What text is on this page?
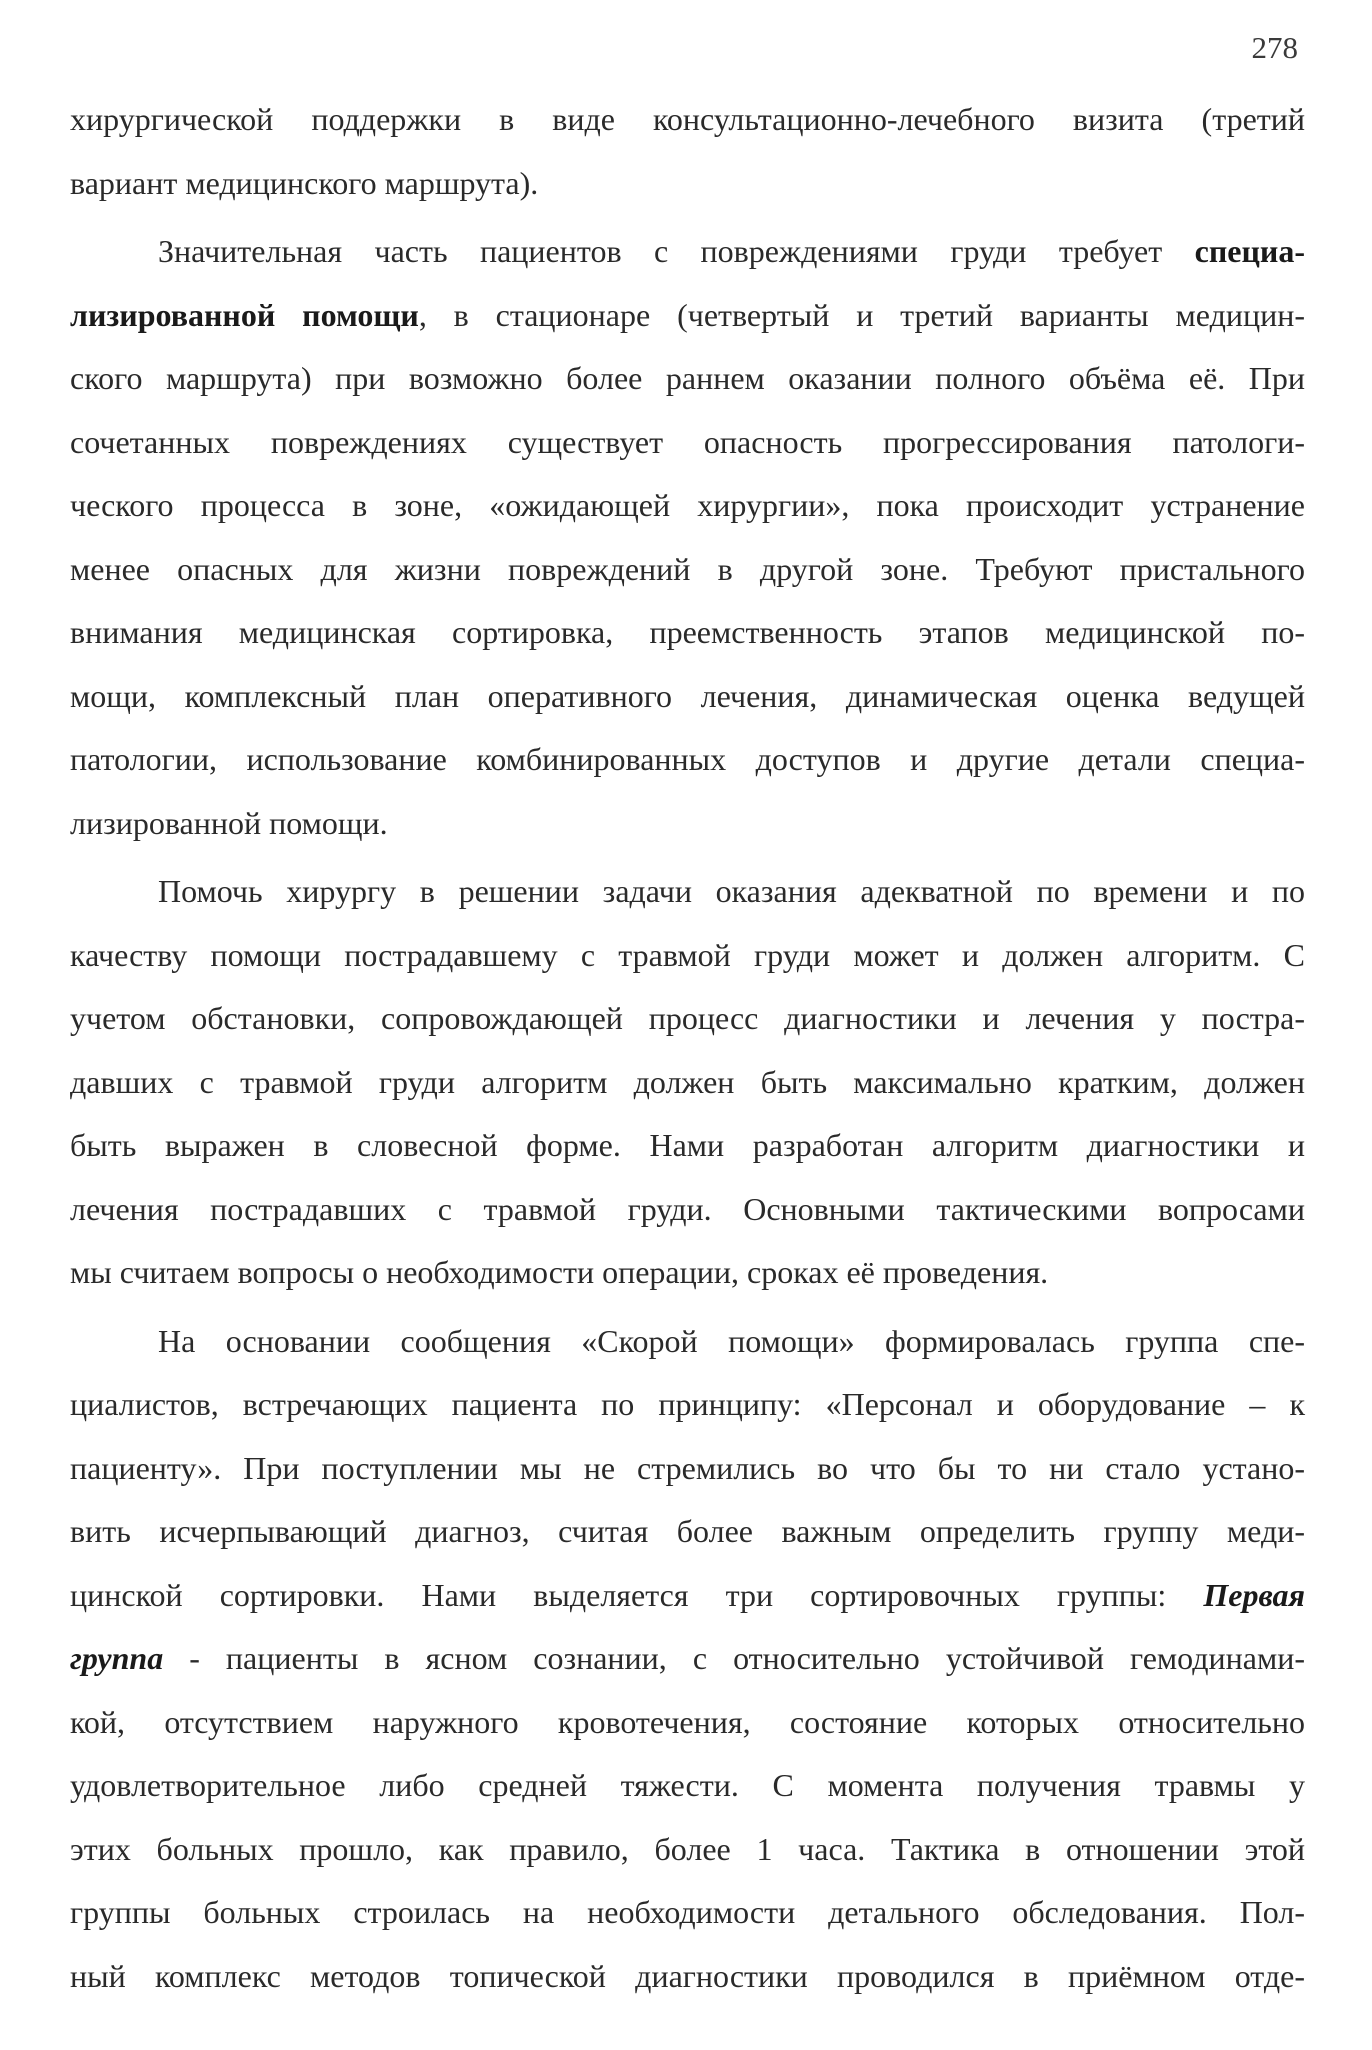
278
хирургической поддержки в виде консультационно-лечебного визита (третий
вариант медицинского маршрута).
Значительная часть пациентов с повреждениями груди требует специа-
лизированной помощи, в стационаре (четвертый и третий варианты медицин-
ского маршрута) при возможно более раннем оказании полного объёма её. При
сочетанных повреждениях существует опасность прогрессирования патологи-
ческого процесса в зоне, «ожидающей хирургии», пока происходит устранение
менее опасных для жизни повреждений в другой зоне. Требуют пристального
внимания медицинская сортировка, преемственность этапов медицинской по-
мощи, комплексный план оперативного лечения, динамическая оценка ведущей
патологии, использование комбинированных доступов и другие детали специа-
лизированной помощи.
Помочь хирургу в решении задачи оказания адекватной по времени и по
качеству помощи пострадавшему с травмой груди может и должен алгоритм. С
учетом обстановки, сопровождающей процесс диагностики и лечения у постра-
давших с травмой груди алгоритм должен быть максимально кратким, должен
быть выражен в словесной форме. Нами разработан алгоритм диагностики и
лечения пострадавших с травмой груди. Основными тактическими вопросами
мы считаем вопросы о необходимости операции, сроках её проведения.
На основании сообщения «Скорой помощи» формировалась группа спе-
циалистов, встречающих пациента по принципу: «Персонал и оборудование – к
пациенту». При поступлении мы не стремились во что бы то ни стало устано-
вить исчерпывающий диагноз, считая более важным определить группу меди-
цинской сортировки. Нами выделяется три сортировочных группы: Первая
группа - пациенты в ясном сознании, с относительно устойчивой гемодинами-
кой, отсутствием наружного кровотечения, состояние которых относительно
удовлетворительное либо средней тяжести. С момента получения травмы у
этих больных прошло, как правило, более 1 часа. Тактика в отношении этой
группы больных строилась на необходимости детального обследования. Пол-
ный комплекс методов топической диагностики проводился в приёмном отде-
